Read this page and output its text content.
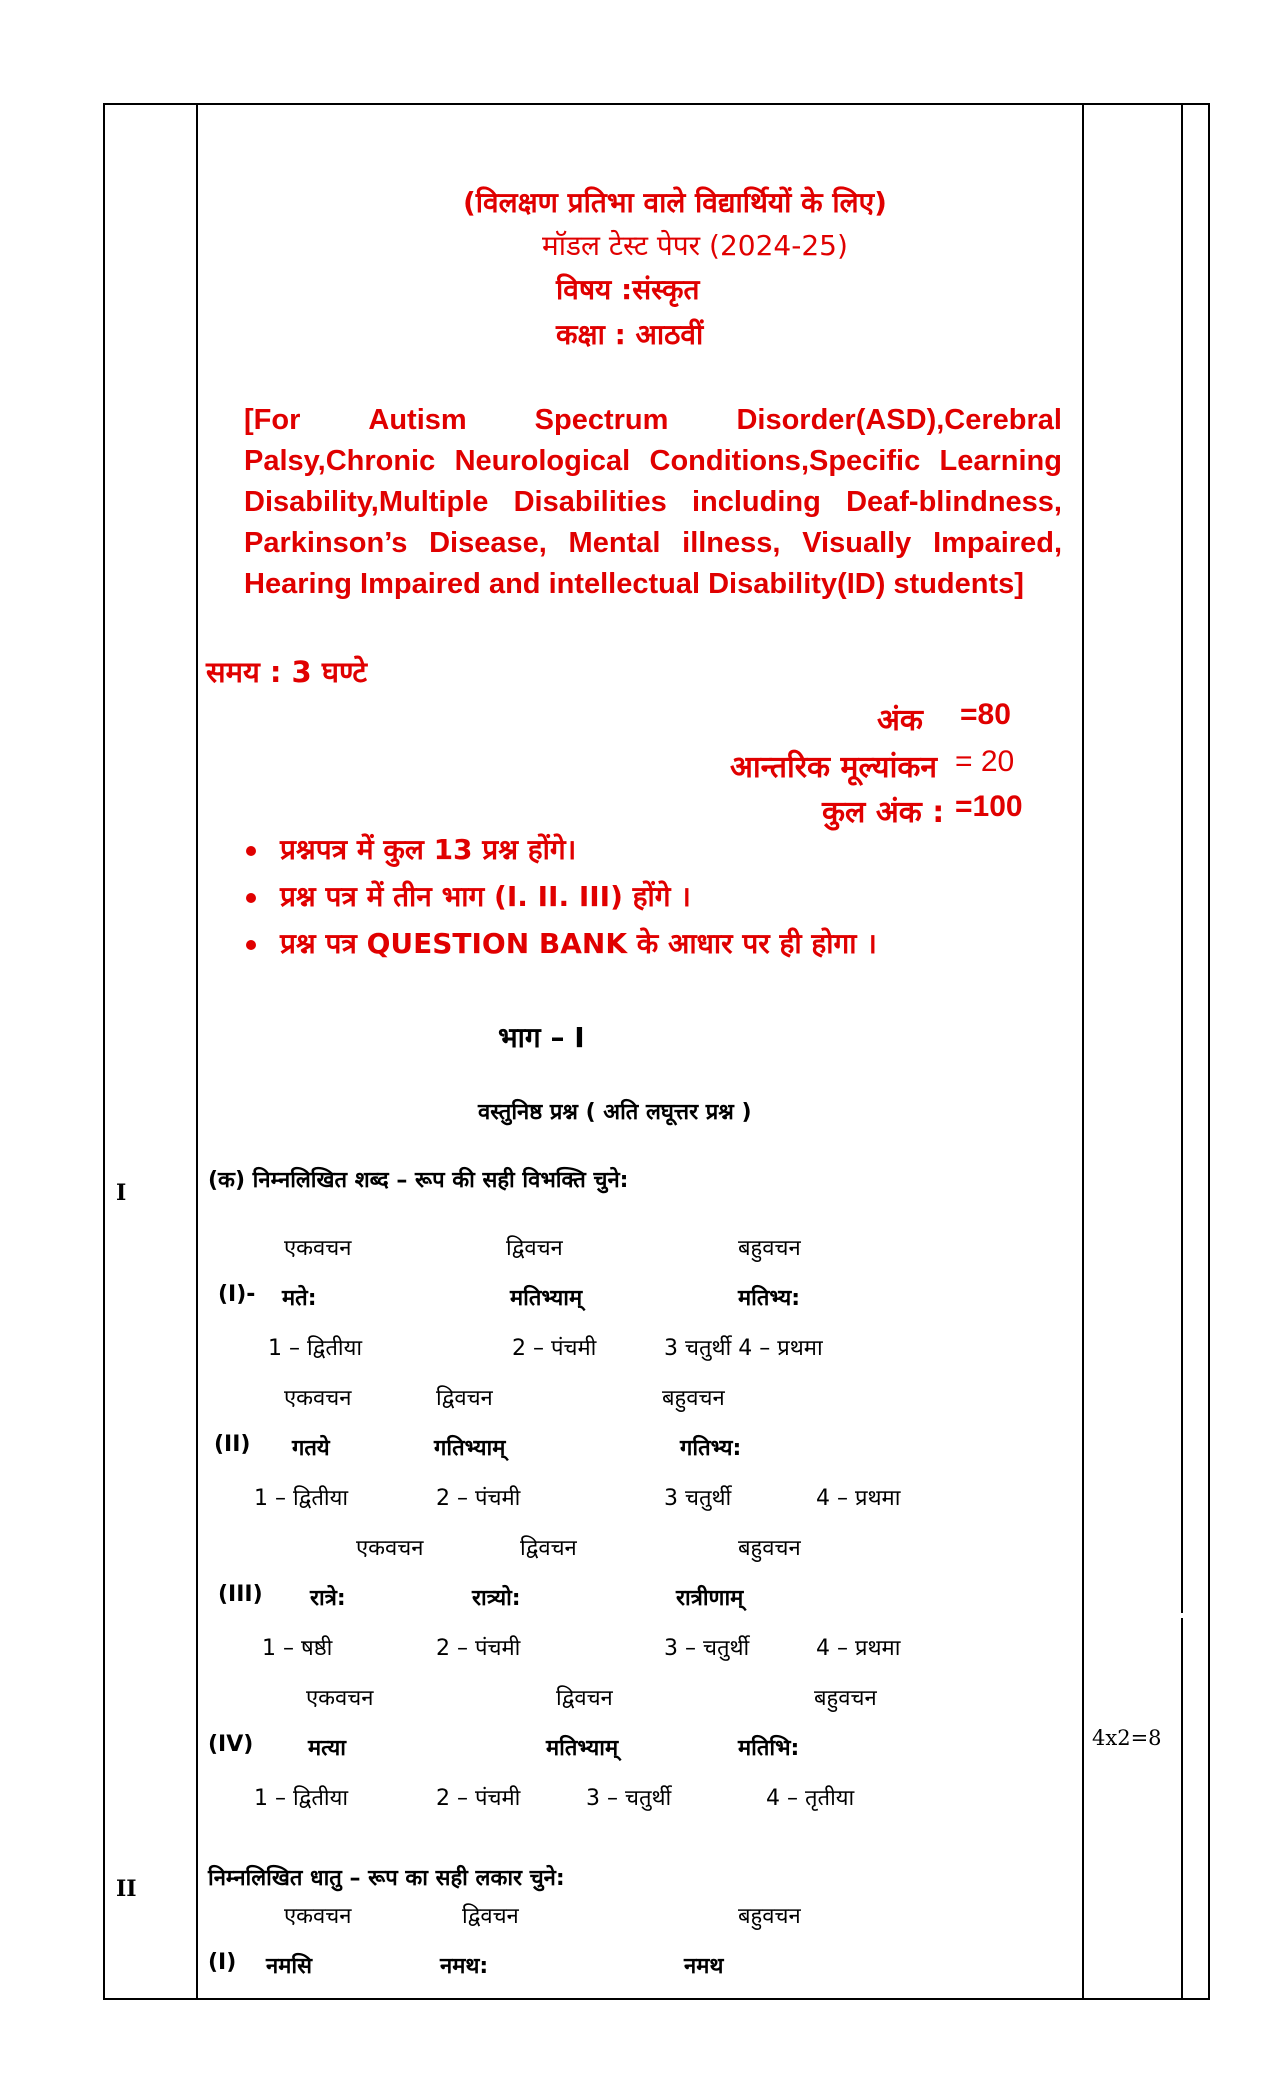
(विलक्षण प्रतिभा वाले विद्यार्थियों के लिए)
मॉडल टेस्ट पेपर (2024-25)
विषय :संस्कृत
कक्षा : आठवीं
[For Autism Spectrum Disorder(ASD),Cerebral
Palsy,Chronic Neurological Conditions,Specific Learning Disability,Multiple Disabilities including Deaf-blindness, Parkinson’s Disease, Mental illness, Visually Impaired, Hearing Impaired and intellectual Disability(ID) students]
समय : 3 घण्टे
अंक =80
आन्तरिक मूल्यांकन = 20
कुल अंक : =100
प्रश्नपत्र में कुल 13 प्रश्न होंगे।
प्रश्न पत्र में तीन भाग (I. II. III) होंगे ।
प्रश्न पत्र QUESTION BANK के आधार पर ही होगा ।
भाग – I
वस्तुनिष्ठ प्रश्न ( अति लघूत्तर प्रश्न )
I	(क) निम्नलिखित शब्द – रूप की सही विभक्ति चुने:
4x2=8
एकवचन	द्विवचन	बहुवचन
(I)- मते:	मतिभ्याम्	मतिभ्य:
1 – द्वितीया	2 – पंचमी	3 चतुर्थी 4 – प्रथमा
एकवचन	द्विवचन	बहुवचन
(II) गतये	गतिभ्याम्	गतिभ्य:
1 – द्वितीया	2 – पंचमी	3 चतुर्थी	4 – प्रथमा
एकवचन	द्विवचन	बहुवचन
(III) रात्रे:	रात्र्यो:	रात्रीणाम्
1 – षष्ठी	2 – पंचमी	3 – चतुर्थी	4 – प्रथमा
एकवचन	द्विवचन	बहुवचन
(IV) मत्या	मतिभ्याम्	मतिभि:
1 – द्वितीया	2 – पंचमी	3 – चतुर्थी	4 – तृतीया
II	निम्नलिखित धातु – रूप का सही लकार चुने:
एकवचन	द्विवचन	बहुवचन
(I) नमसि	नमथ:	नमथ
